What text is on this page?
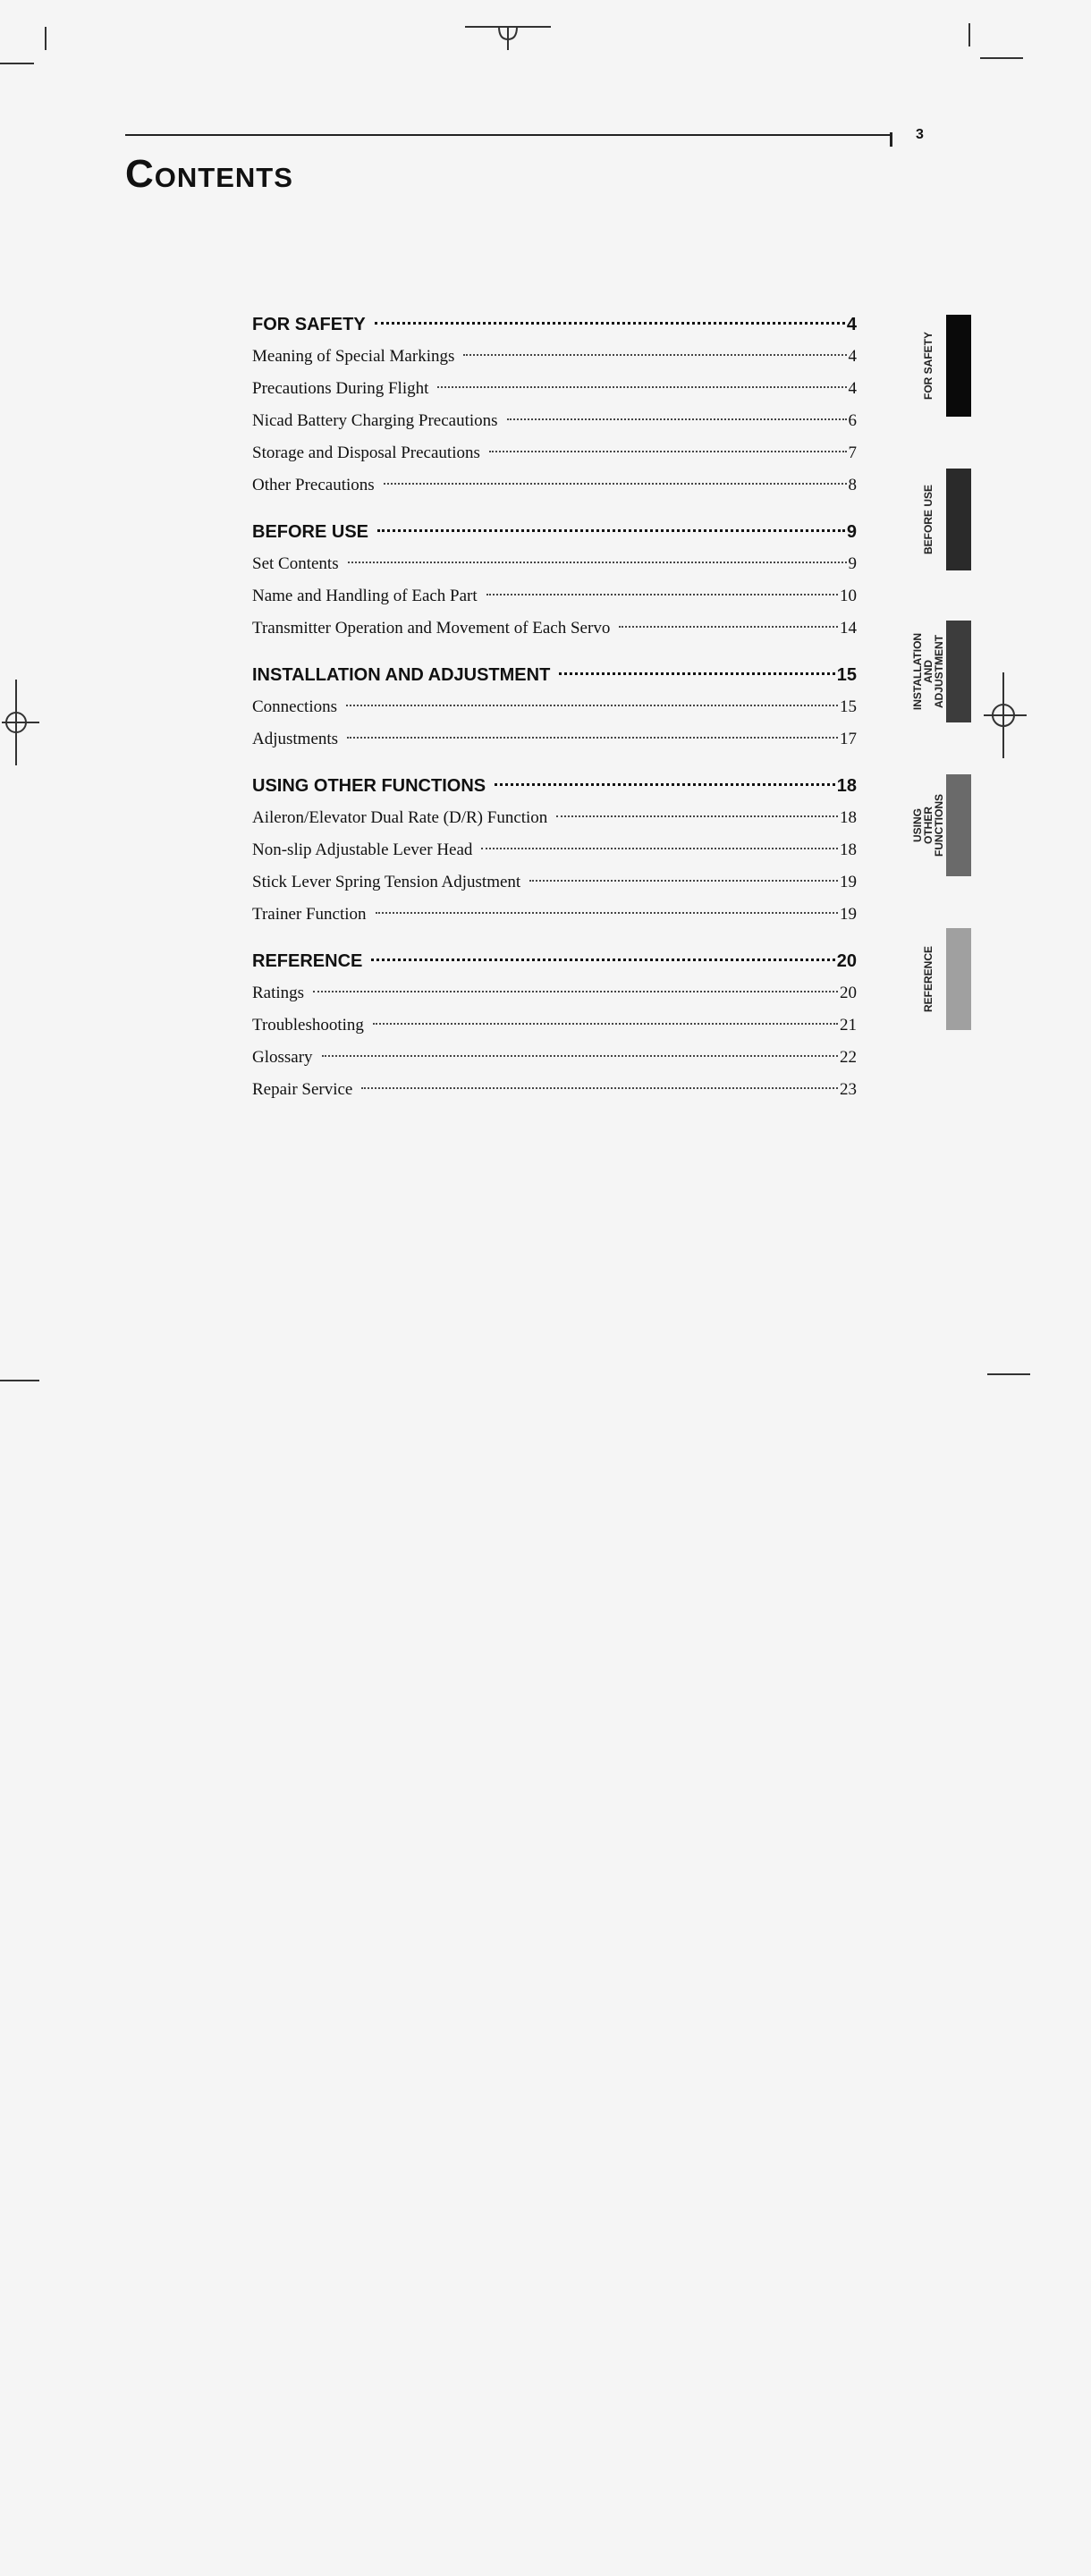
3
Contents
FOR SAFETY	4
Meaning of Special Markings	4
Precautions During Flight	4
Nicad Battery Charging Precautions	6
Storage and Disposal Precautions	7
Other Precautions	8
BEFORE USE	9
Set Contents	9
Name and Handling of Each Part	10
Transmitter Operation and Movement of Each Servo	14
INSTALLATION AND ADJUSTMENT	15
Connections	15
Adjustments	17
USING OTHER FUNCTIONS	18
Aileron/Elevator Dual Rate (D/R) Function	18
Non-slip Adjustable Lever Head	18
Stick Lever Spring Tension Adjustment	19
Trainer Function	19
REFERENCE	20
Ratings	20
Troubleshooting	21
Glossary	22
Repair Service	23
FOR SAFETY
BEFORE USE
INSTALLATION
AND
ADJUSTMENT
USING
OTHER
FUNCTIONS
REFERENCE
